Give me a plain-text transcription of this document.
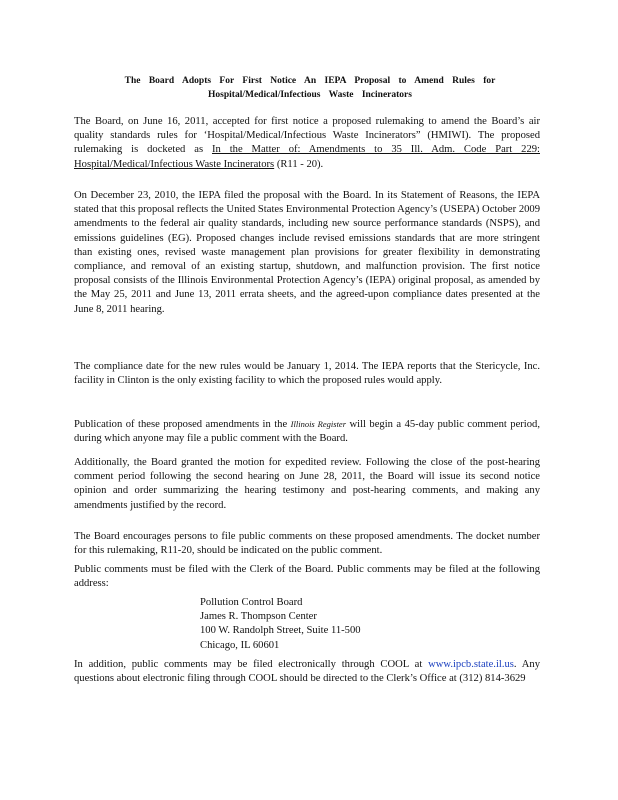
The Board Adopts For First Notice An IEPA Proposal to Amend Rules for
Hospital/Medical/Infectious Waste Incinerators
The Board, on June 16, 2011, accepted for first notice a proposed rulemaking to amend the Board’s air quality standards rules for ‘Hospital/Medical/Infectious Waste Incinerators” (HMIWI). The proposed rulemaking is docketed as In the Matter of: Amendments to 35 Ill. Adm. Code Part 229: Hospital/Medical/Infectious Waste Incinerators (R11 - 20).
On December 23, 2010, the IEPA filed the proposal with the Board. In its Statement of Reasons, the IEPA stated that this proposal reflects the United States Environmental Protection Agency’s (USEPA) October 2009 amendments to the federal air quality standards, including new source performance standards (NSPS), and emissions guidelines (EG). Proposed changes include revised emissions standards that are more stringent than existing ones, revised waste management plan provisions for greater flexibility in demonstrating compliance, and removal of an existing startup, shutdown, and malfunction provision. The first notice proposal consists of the Illinois Environmental Protection Agency’s (IEPA) original proposal, as amended by the May 25, 2011 and June 13, 2011 errata sheets, and the agreed-upon compliance dates presented at the June 8, 2011 hearing.
The compliance date for the new rules would be January 1, 2014. The IEPA reports that the Stericycle, Inc. facility in Clinton is the only existing facility to which the proposed rules would apply.
Publication of these proposed amendments in the Illinois Register will begin a 45-day public comment period, during which anyone may file a public comment with the Board.
Additionally, the Board granted the motion for expedited review. Following the close of the post-hearing comment period following the second hearing on June 28, 2011, the Board will issue its second notice opinion and order summarizing the hearing testimony and post-hearing comments, and making any amendments justified by the record.
The Board encourages persons to file public comments on these proposed amendments. The docket number for this rulemaking, R11-20, should be indicated on the public comment.
Public comments must be filed with the Clerk of the Board. Public comments may be filed at the following address:
Pollution Control Board
James R. Thompson Center
100 W. Randolph Street, Suite 11-500
Chicago, IL 60601
In addition, public comments may be filed electronically through COOL at www.ipcb.state.il.us. Any questions about electronic filing through COOL should be directed to the Clerk’s Office at (312) 814-3629
